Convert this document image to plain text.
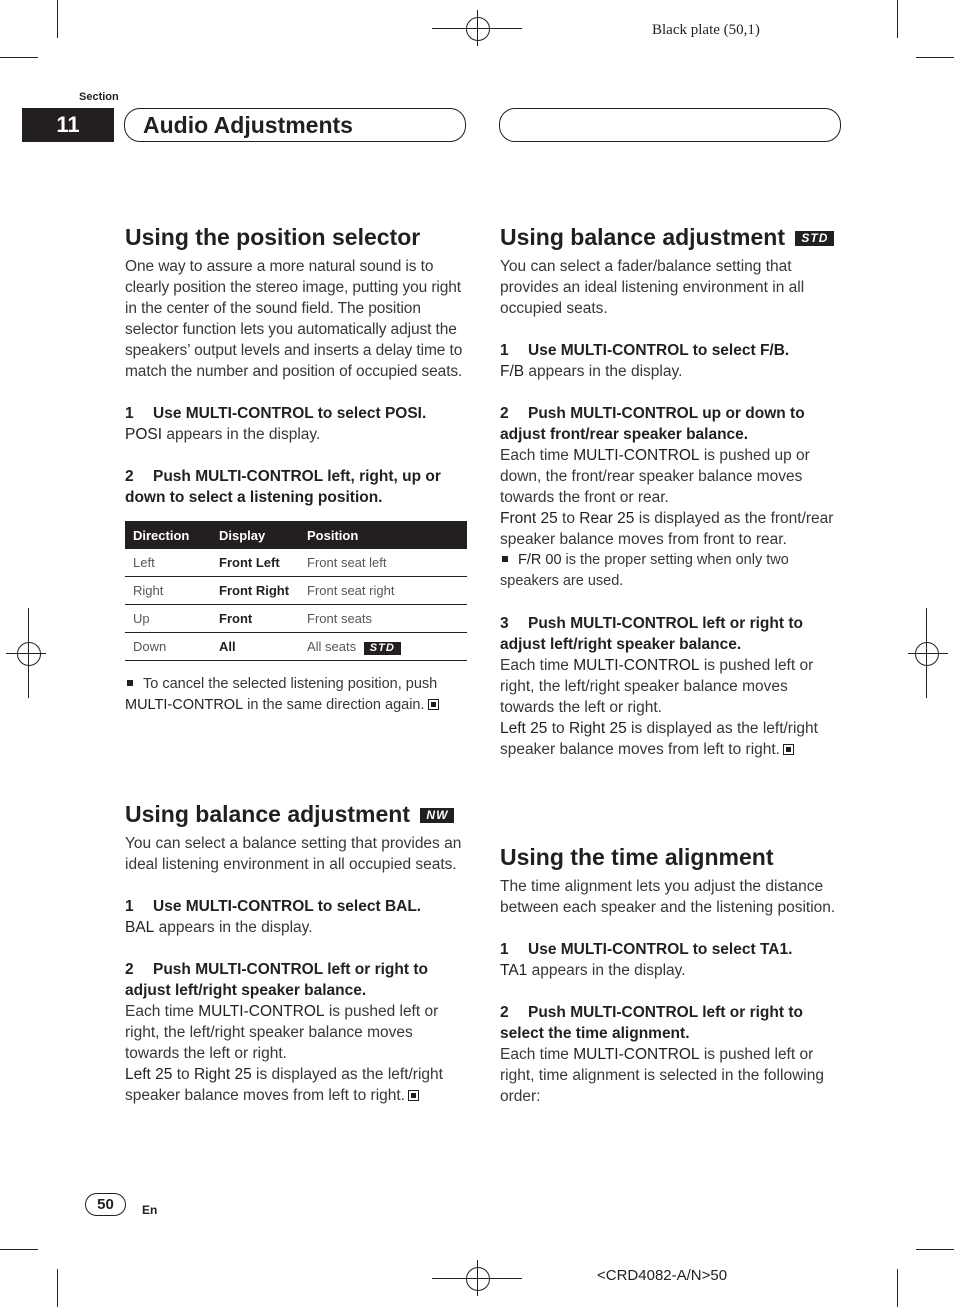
Black plate (50,1)
Section
11	Audio Adjustments
Using the position selector

One way to assure a more natural sound is to clearly position the stereo image, putting you right in the center of the sound field. The position selector function lets you automatically adjust the speakers’ output levels and inserts a delay time to match the number and position of occupied seats.

1 Use MULTI-CONTROL to select POSI.

POSI appears in the display.

2 Push MULTI-CONTROL left, right, up or down to select a listening position.

Direction	Display	Position
Left	Front Left	Front seat left
Right	Front Right	Front seat right
Up	Front	Front seats
Down	All	All seats STD

To cancel the selected listening position, push MULTI-CONTROL in the same direction again.

Using balance adjustment NW

You can select a balance setting that provides an ideal listening environment in all occupied seats.

1 Use MULTI-CONTROL to select BAL.

BAL appears in the display.

2 Push MULTI-CONTROL left or right to adjust left/right speaker balance.

Each time MULTI-CONTROL is pushed left or right, the left/right speaker balance moves towards the left or right.

Left 25 to Right 25 is displayed as the left/right speaker balance moves from left to right.

Using balance adjustment STD

You can select a fader/balance setting that provides an ideal listening environment in all occupied seats.

1 Use MULTI-CONTROL to select F/B.

F/B appears in the display.

2 Push MULTI-CONTROL up or down to adjust front/rear speaker balance.

Each time MULTI-CONTROL is pushed up or down, the front/rear speaker balance moves towards the front or rear.

Front 25 to Rear 25 is displayed as the front/rear speaker balance moves from front to rear.

F/R 00 is the proper setting when only two speakers are used.

3 Push MULTI-CONTROL left or right to adjust left/right speaker balance.

Each time MULTI-CONTROL is pushed left or right, the left/right speaker balance moves towards the left or right.

Left 25 to Right 25 is displayed as the left/right speaker balance moves from left to right.

Using the time alignment

The time alignment lets you adjust the distance between each speaker and the listening position.

1 Use MULTI-CONTROL to select TA1.

TA1 appears in the display.

2 Push MULTI-CONTROL left or right to select the time alignment.

Each time MULTI-CONTROL is pushed left or right, time alignment is selected in the following order:

50	En
<CRD4082-A/N>50
